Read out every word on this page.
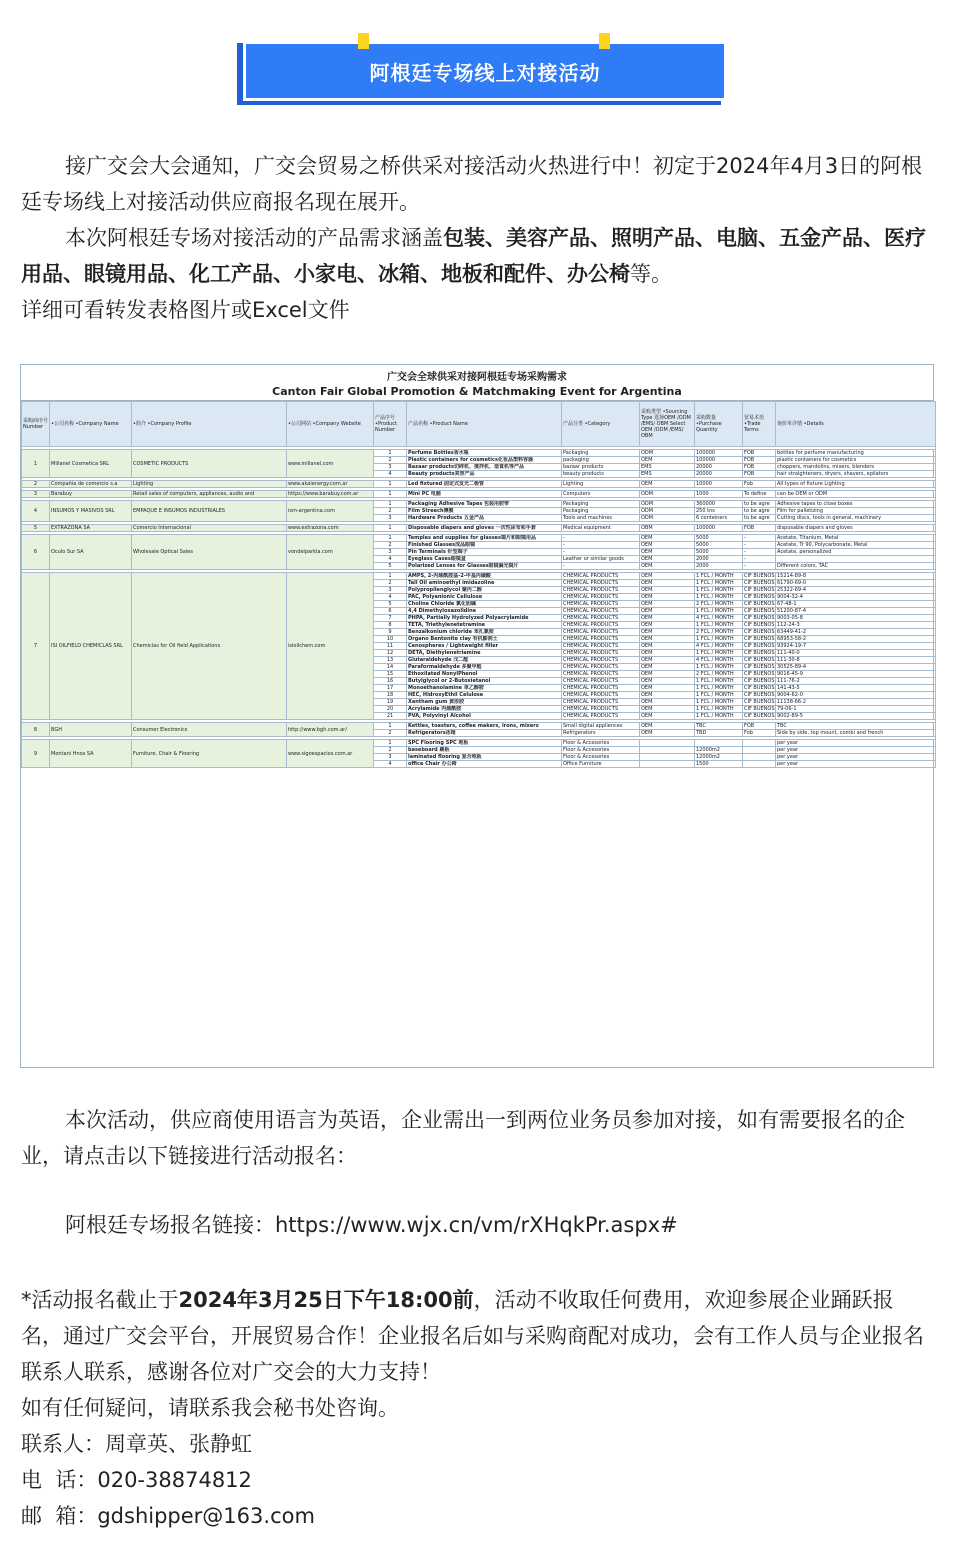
阿根廷专场线上对接活动

接广交会大会通知，广交会贸易之桥供采对接活动火热进行中！初定于2024年4月3日的阿根廷专场线上对接活动供应商报名现在展开。

本次阿根廷专场对接活动的产品需求涵盖包装、美容产品、照明产品、电脑、五金产品、医疗用品、眼镜用品、化工产品、小家电、冰箱、地板和配件、办公椅等。

详细可看转发表格图片或Excel文件

广交会全球供采对接阿根廷专场采购需求
Canton Fair Global Promotion & Matchmaking Event for Argentina
采购商序号 Number	•公司名称 •Company Name	•简介 •Company Profile	•公司网站 •Company Website	产品序号 •Product Number	产品名称 •Product Name	产品分类 •Category	采购类型 •Sourcing Type 选择OEM /ODM /EMS/ OBM Select OEM /ODM /EMS/ OBM	采购数量 •Purchase Quantity	贸易术语 •Trade Terms	询价单详情 •Details

1	Millanel Cosmetica SRL	COSMETIC PRODUCTS	www.millanel.com	1	Perfume Bottles香水瓶	Packaging	ODM	100000	FOB	bottles for perfume manufacturing
				2	Plastic containers for cosmetics化妆品塑料容器	packaging	OEM	100000	FOB	plastic containers for cosmetics
				3	Bazaar products切碎机、搅拌机、造食机等产品	bazaar products	EMS	20000	FOB	choppers, mandolins, mixers, blenders
				4	Beauty products美容产品	beauty products	EMS	20000	FOB	hair straighteners, dryers, shavers, epilators

2	Compañía de comercio s.a	Lighting	www.akaienergy.com.ar	1	Led fixtured 固定式发光二极管	Lighting	OEM	10000	Fob	All types of fixture Lighting

3	Barabuy	Retail sales of computers, appliances, audio and	https://www.barabuy.com.ar	1	Mini PC 电脑	Computers	ODM	1000	To define	can be OEM or ODM

4	INSUMOS Y MASIVOS SRL	EMPAQUE E INSUMOS INDUSTRIALES	ism-argentina.com	1	Packaging Adhesive Tapes 包装用胶带	Packaging	ODM	360000	to be agre	Adhesive tapes to close boxes
				2	Film Streech薄膜	Packaging	ODM	250 tns	to be agre	Film for palletizing
				3	Hardware Products 五金产品	Tools and machines	ODM	6 conteiners	to be agre	Cutting discs, tools in general, machinery

5	EXTRAZONA SA	Comercio Internacional	www.extrazona.com	1	Disposable diapers and gloves 一次性尿布和手套	Medical equipment	OBM	100000	FOB	disposable diapers and gloves

6	Oculo Sur SA	Wholesale Optical Sales	vondelparkla.com	1	Temples and supplies for glasses镜片和眼镜用品	-	OEM	5000	-	Acetate, Titanium, Metal
				2	Finished Glasses成品眼镜	-	OEM	5000	-	Acetate, Tr 90, Polycarbonate, Metal
				3	Pin Terminals 针型端子	-	OEM	5000	-	Acetate, personalized
				4	Eyeglass Cases眼镜盒	Leather or similar goods	OEM	2000	-	
				5	Polarized Lenses for Glasses眼镜偏光镜片	-	OEM	2000	-	Different colors, TAC

7	ISI OILFIELD CHEMICLAS SRL	Chemiclas for Oil field Applications	isioilchem.com	1	AMPS, 2-丙烯酰胺基-2-甲基丙磺酸	CHEMICAL PRODUCTS	OEM	1 FCL / MONTH	CIF BUENOS	15214-89-8
				2	Tall Oil aminoethyl imidazoline	CHEMICAL PRODUCTS	OEM	1 FCL / MONTH	CIF BUENOS	61790-69-0
				3	Polypropilenglycol 聚丙二醇	CHEMICAL PRODUCTS	OEM	1 FCL / MONTH	CIF BUENOS	25322-69-4
				4	PAC, Polyanionic Cellulose	CHEMICAL PRODUCTS	OEM	1 FCL / MONTH	CIF BUENOS	9004-32-4
				5	Choline Chloride 氯化胆碱	CHEMICAL PRODUCTS	OEM	2 FCL / MONTH	CIF BUENOS	67-48-1
				6	4,4 Dimethyloxazolidine	CHEMICAL PRODUCTS	OEM	1 FCL / MONTH	CIF BUENOS	51200-87-4
				7	PHPA, Partially Hydrolyzed Polyacrylamide	CHEMICAL PRODUCTS	OEM	4 FCL / MONTH	CIF BUENOS	9003-05-8
				8	TETA, Triethylenetetramine	CHEMICAL PRODUCTS	OEM	1 FCL / MONTH	CIF BUENOS	112-24-3
				9	Benzalkonium chloride 苯扎氯铵	CHEMICAL PRODUCTS	OEM	2 FCL / MONTH	CIF BUENOS	63449-41-2
				10	Organo Bentonite clay 有机膨润土	CHEMICAL PRODUCTS	OEM	1 FCL / MONTH	CIF BUENOS	68953-58-2
				11	Cenospheres / Lightweight filler	CHEMICAL PRODUCTS	OEM	4 FCL / MONTH	CIF BUENOS	93924-19-7
				12	DETA, Diethylenetriamine	CHEMICAL PRODUCTS	OEM	1 FCL / MONTH	CIF BUENOS	111-40-0
				13	Glutaraldehyde 戊二醛	CHEMICAL PRODUCTS	OEM	4 FCL / MONTH	CIF BUENOS	111-30-8
				14	Paraformaldehyde 多聚甲醛	CHEMICAL PRODUCTS	OEM	1 FCL / MONTH	CIF BUENOS	30525-89-4
				15	Ethoxilated NonylPhenol	CHEMICAL PRODUCTS	OEM	2 FCL / MONTH	CIF BUENOS	9016-45-9
				16	Butylglycol or 2-Butoxietanol	CHEMICAL PRODUCTS	OEM	1 FCL / MONTH	CIF BUENOS	111-76-2
				17	Monoethanolamine 单乙醇胺	CHEMICAL PRODUCTS	OEM	1 FCL / MONTH	CIF BUENOS	141-43-5
				18	HEC, HidroxyEthil Celulose	CHEMICAL PRODUCTS	OEM	1 FCL / MONTH	CIF BUENOS	9004-62-0
				19	Xantham gum 黄原胶	CHEMICAL PRODUCTS	OEM	1 FCL / MONTH	CIF BUENOS	11138-66-2
				20	Acrylamide 丙烯酰胺	CHEMICAL PRODUCTS	OEM	1 FCL / MONTH	CIF BUENOS	79-06-1
				21	PVA, Polyvinyl Alcohol	CHEMICAL PRODUCTS	OEM	1 FCL / MONTH	CIF BUENOS	9002-89-5

8	BGH	Consumer Electronics	http://www.bgh.com.ar/	1	Kettles, toasters, coffee makers, irons, mixers	Small digital appliences	OEM	TBC	FOB	TBC
				2	Refrigerators冰箱	Refrigerators	OEM	TBD	Fob	Side by side, top mount, combi and french

9	Montani Hnos SA	Furniture, Chair & Flooring	www.sigoespacios.com.ar	1	SPC Flooring SPC 地板	Floor & Accesories				per year
				2	baseboard 踢板	Floor & Accesories		12000m2		per year
				3	laminated flooring 复合地板	Floor & Accesories		12000m2		per year
				4	office Chair 办公椅	Office Furniture		1500		per year

本次活动，供应商使用语言为英语，企业需出一到两位业务员参加对接，如有需要报名的企业，请点击以下链接进行活动报名：

阿根廷专场报名链接：https://www.wjx.cn/vm/rXHqkPr.aspx#

*活动报名截止于2024年3月25日下午18:00前，活动不收取任何费用，欢迎参展企业踊跃报名，通过广交会平台，开展贸易合作！企业报名后如与采购商配对成功，会有工作人员与企业报名联系人联系，感谢各位对广交会的大力支持！

如有任何疑问，请联系我会秘书处咨询。

联系人：周章英、张静虹

电  话：020-38874812

邮  箱：gdshipper@163.com
